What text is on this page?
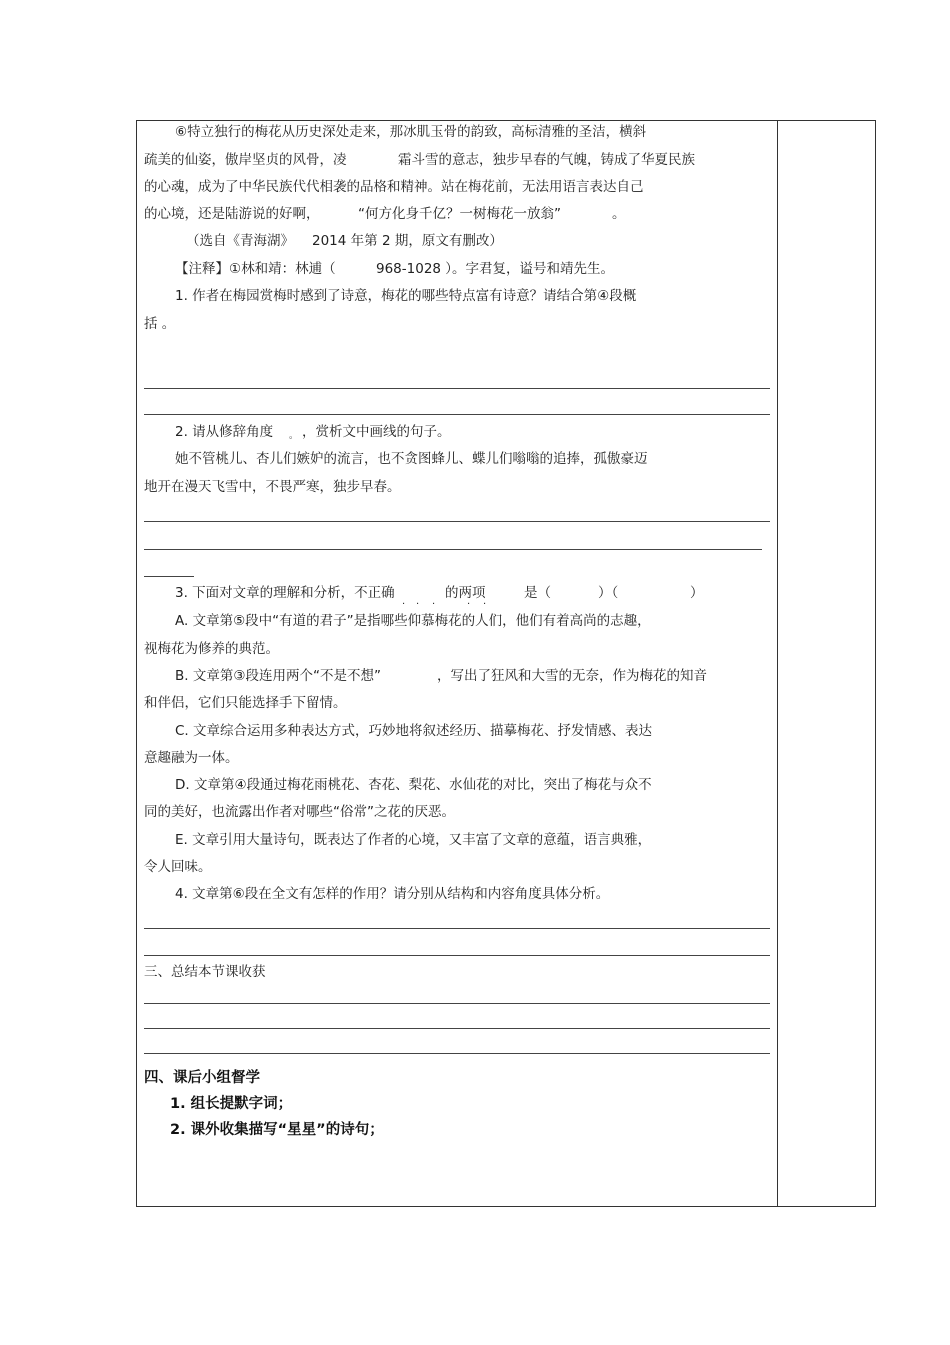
⑥特立独行的梅花从历史深处走来，那冰肌玉骨的韵致，高标清雅的圣洁，横斜
疏美的仙姿，傲岸坚贞的风骨，凌	霜斗雪的意志，独步早春的气魄，铸成了华夏民族
的心魂，成为了中华民族代代相袭的品格和精神。站在梅花前，无法用语言表达自己
的心境，还是陆游说的好啊，	“何方化身千亿？一树梅花一放翁”	。
（选自《青海湖》 2014 年第 2 期，原文有删改）
【注释】①林和靖：林逋（	968-1028 ）。字君复，谥号和靖先生。
1. 作者在梅园赏梅时感到了诗意，梅花的哪些特点富有诗意？请结合第④段概
括 。
2. 请从修辞角度 。 ，赏析文中画线的句子。
她不管桃儿、杏儿们嫉妒的流言，也不贪图蜂儿、蝶儿们嗡嗡的追捧，孤傲豪迈
地开在漫天飞雪中，不畏严寒，独步早春。
3. 下面对文章的理解和分析，不正确	的两项	是（	）（	）
· · ·	· ·
A. 文章第⑤段中“有道的君子”是指哪些仰慕梅花的人们，他们有着高尚的志趣，
视梅花为修养的典范。
B. 文章第③段连用两个“不是不想”	，写出了狂风和大雪的无奈，作为梅花的知音
和伴侣，它们只能选择手下留情。
C. 文章综合运用多种表达方式，巧妙地将叙述经历、描摹梅花、抒发情感、表达
意趣融为一体。
D. 文章第④段通过梅花雨桃花、杏花、梨花、水仙花的对比，突出了梅花与众不
同的美好，也流露出作者对哪些“俗常”之花的厌恶。
E. 文章引用大量诗句，既表达了作者的心境，又丰富了文章的意蕴，语言典雅，
令人回味。
4. 文章第⑥段在全文有怎样的作用？请分别从结构和内容角度具体分析。
三、总结本节课收获
四、课后小组督学
1. 组长提默字词；
2. 课外收集描写“星星”的诗句；
